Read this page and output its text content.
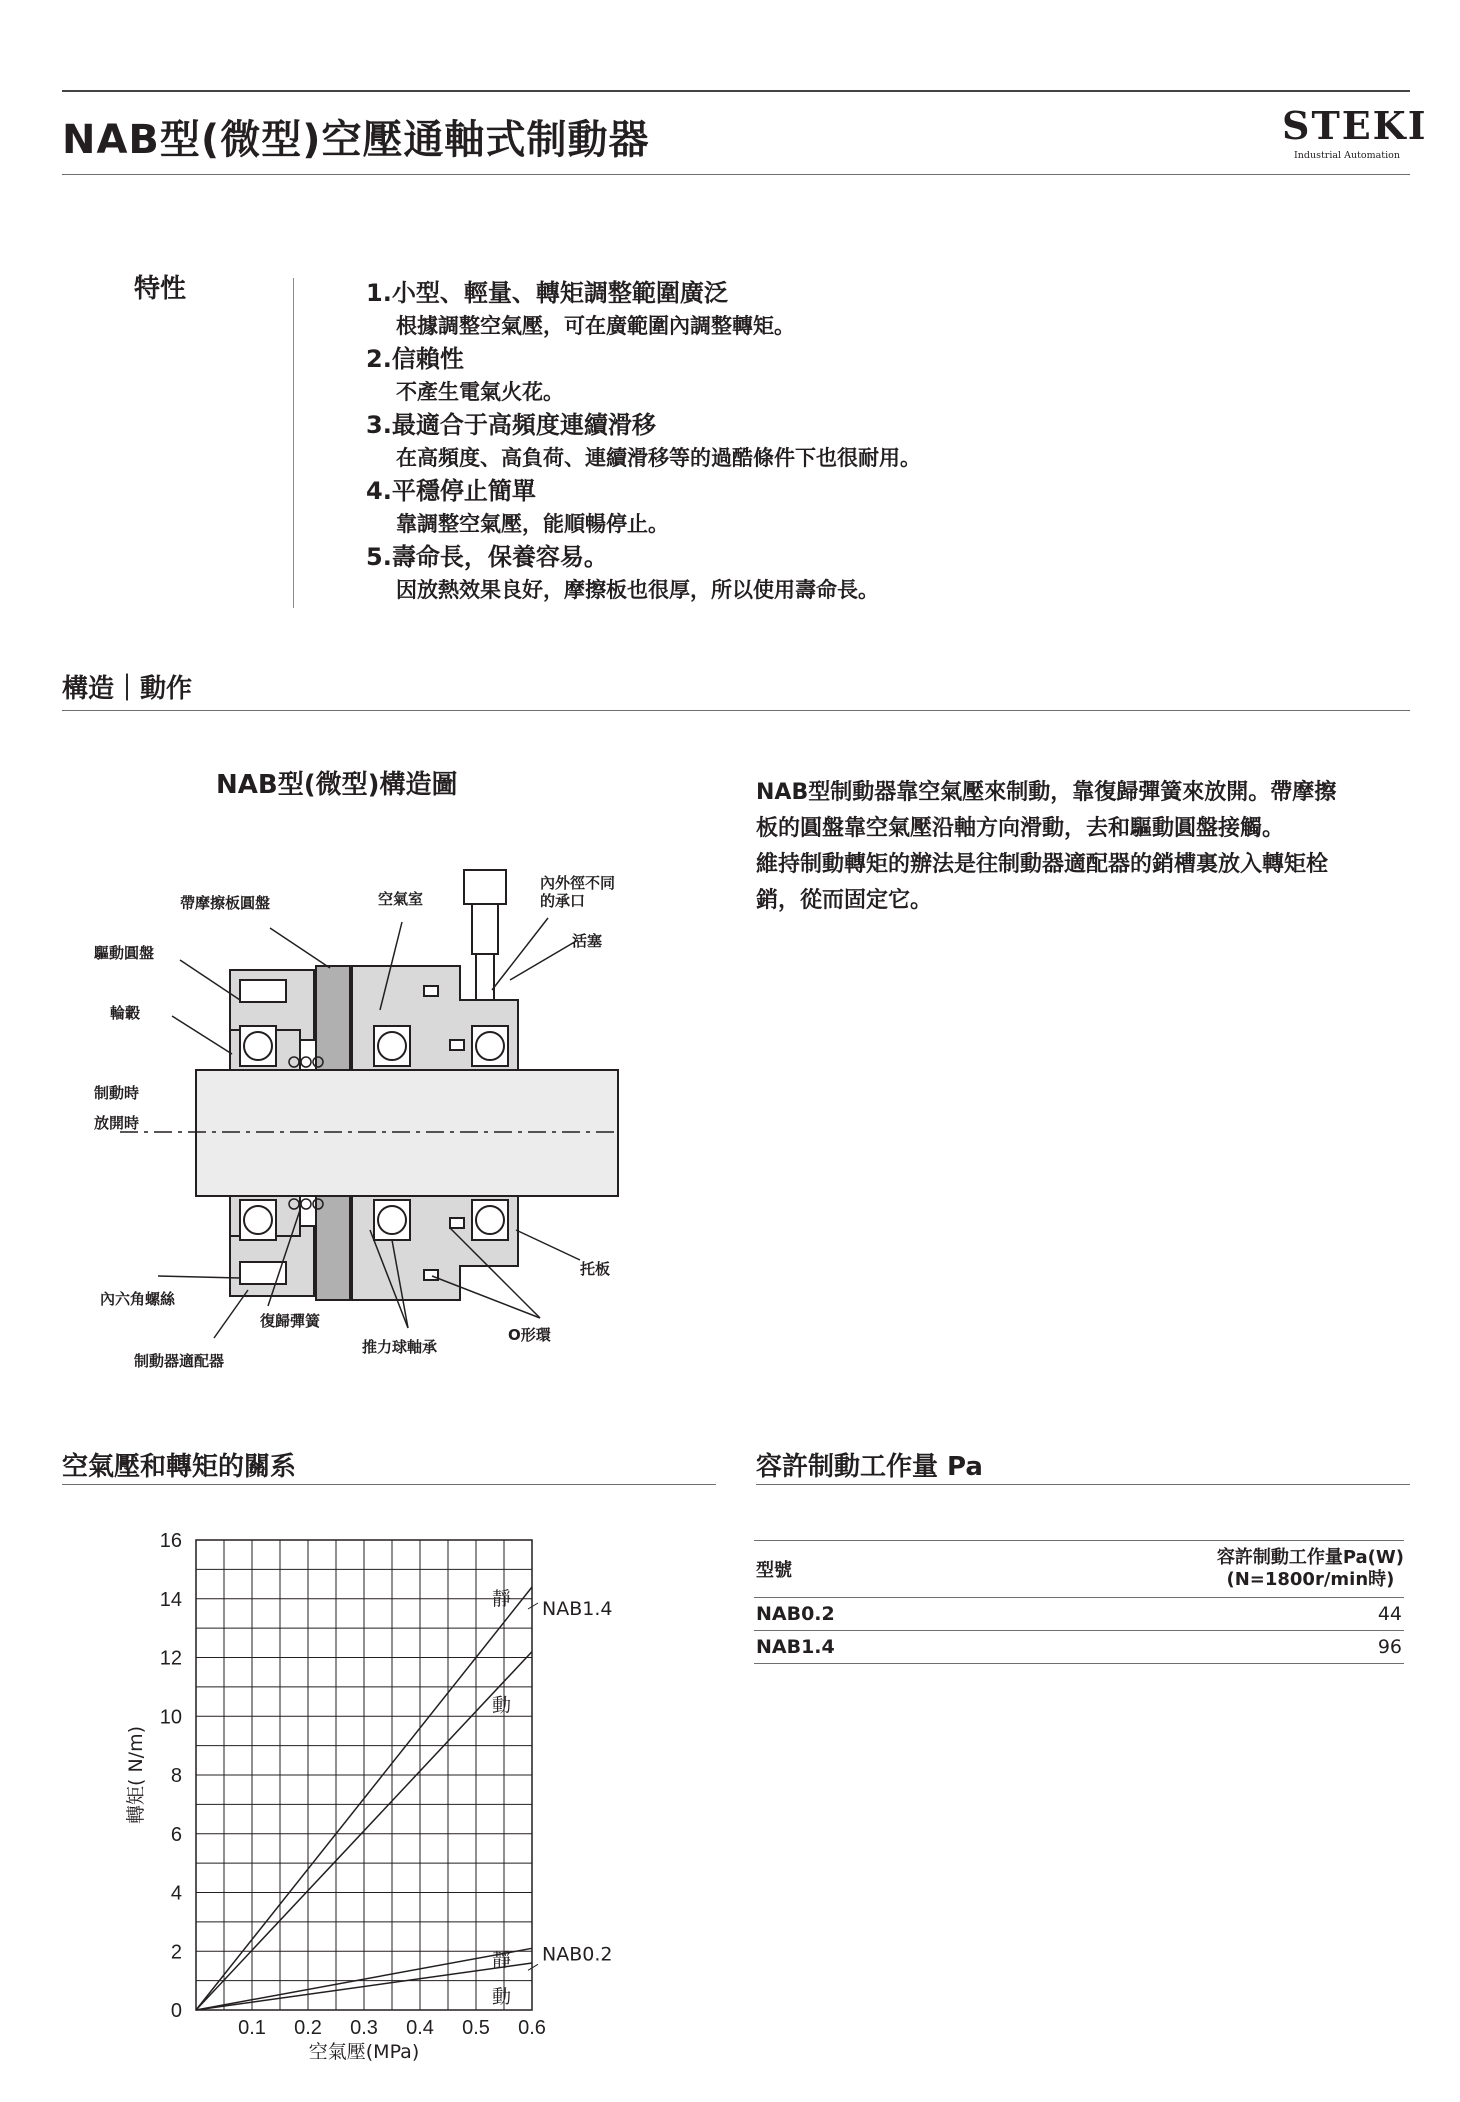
NAB型(微型)空壓通軸式制動器	STEKI
Industrial Automation
特性	1.小型、輕量、轉矩調整範圍廣泛
根據調整空氣壓，可在廣範圍內調整轉矩。
2.信賴性
不產生電氣火花。
3.最適合于高頻度連續滑移
在高頻度、高負荷、連續滑移等的過酷條件下也很耐用。
4.平穩停止簡單
靠調整空氣壓，能順暢停止。
5.壽命長，保養容易。
因放熱效果良好，摩擦板也很厚，所以使用壽命長。
構造｜動作
NAB型(微型)構造圖	NAB型制動器靠空氣壓來制動，靠復歸彈簧來放開。帶摩擦
板的圓盤靠空氣壓沿軸方向滑動，去和驅動圓盤接觸。
維持制動轉矩的辦法是往制動器適配器的銷槽裏放入轉矩栓
銷，從而固定它。
帶摩擦板圓盤	空氣室
內外徑不同
的承口
活塞
驅動圓盤
輪轂
制動時
放開時
托板
內六角螺絲
復歸彈簧
O形環
推力球軸承
制動器適配器
空氣壓和轉矩的關系
0
2
4
6
8
10
12
14
16
0.1 0.2 0.3 0.4 0.5 0.6
靜
動
NAB1.4
靜
動
NAB0.2
空氣壓(MPa)
轉矩( N/m)
容許制動工作量 Pa
型號
容許制動工作量Pa(W)
(N=1800r/min時)
NAB0.2	44
NAB1.4	96
